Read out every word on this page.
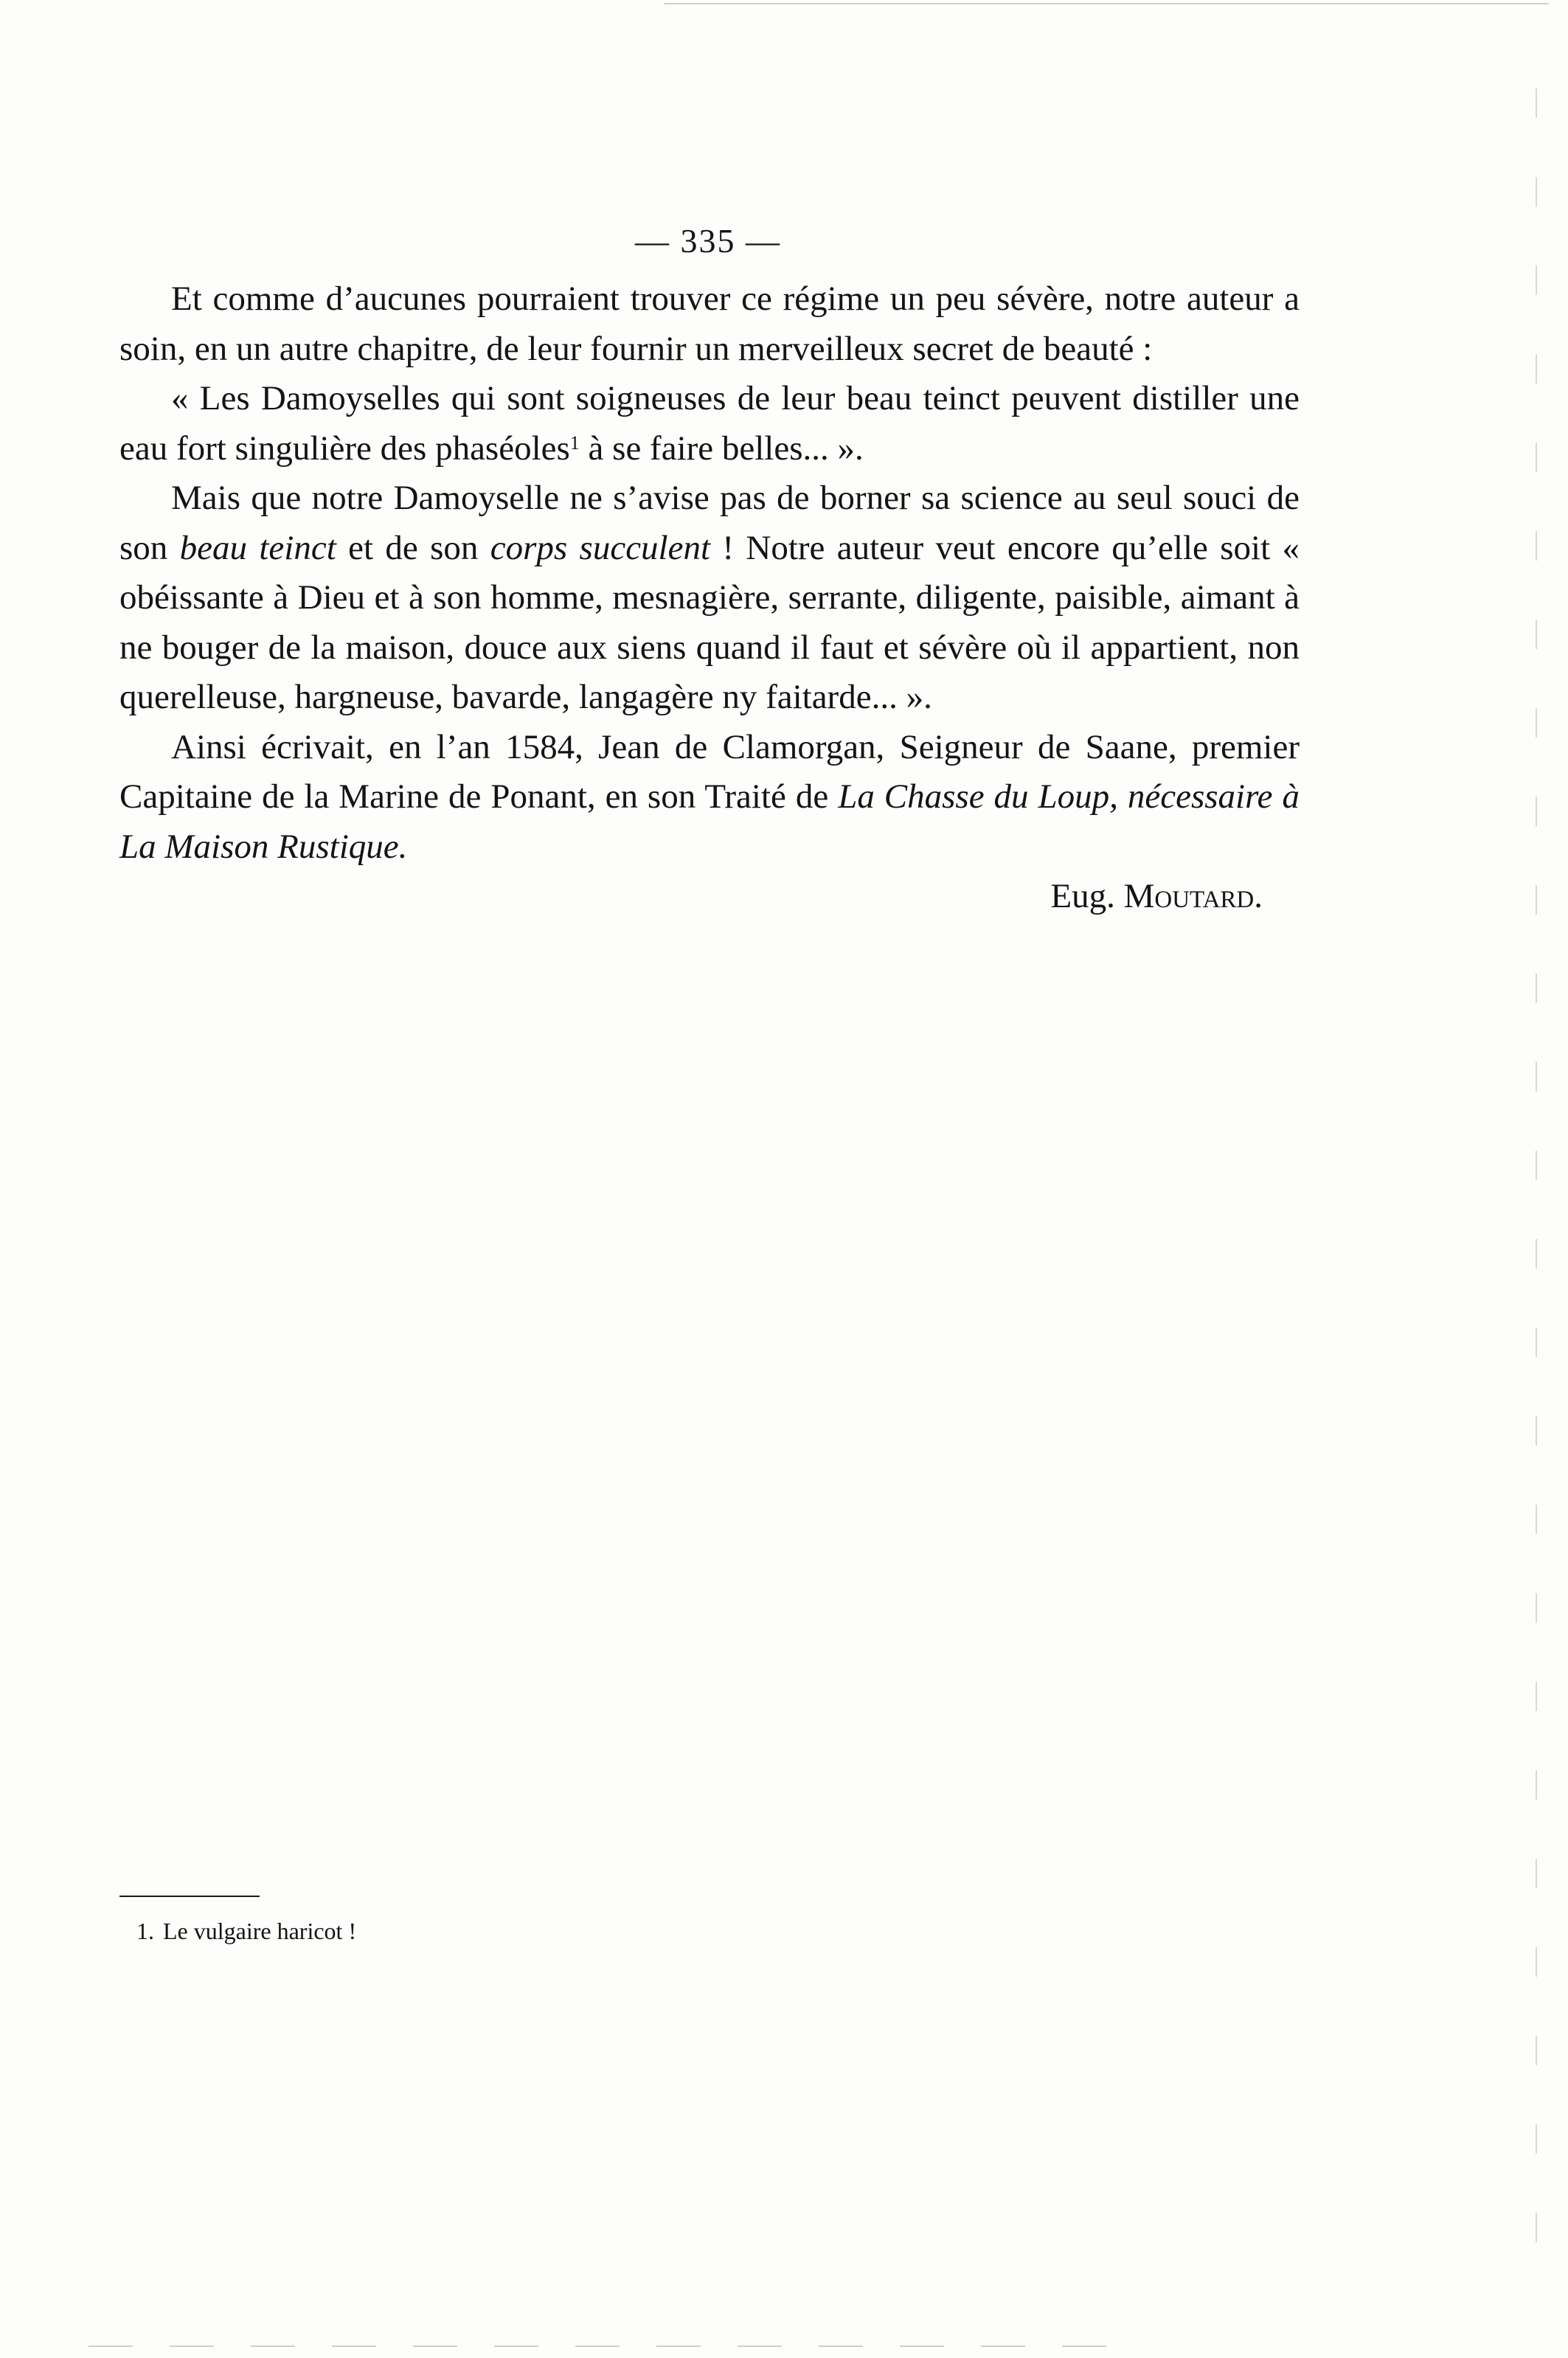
— 335 —

Et comme d’aucunes pourraient trouver ce régime un peu sévère, notre auteur a soin, en un autre chapitre, de leur fournir un merveilleux secret de beauté :

« Les Damoyselles qui sont soigneuses de leur beau teinct peuvent distiller une eau fort singulière des phaséoles$^1$ à se faire belles... ».

Mais que notre Damoyselle ne s’avise pas de borner sa science au seul souci de son beau teinct et de son corps succulent ! Notre auteur veut encore qu’elle soit « obéissante à Dieu et à son homme, mesnagière, serrante, diligente, paisible, aimant à ne bouger de la maison, douce aux siens quand il faut et sévère où il appartient, non querelleuse, hargneuse, bavarde, langagère ny faitarde... ».

Ainsi écrivait, en l’an 1584, Jean de Clamorgan, Seigneur de Saane, premier Capitaine de la Marine de Ponant, en son Traité de La Chasse du Loup, nécessaire à La Maison Rustique.

Eug. Moutard.

1. Le vulgaire haricot !
